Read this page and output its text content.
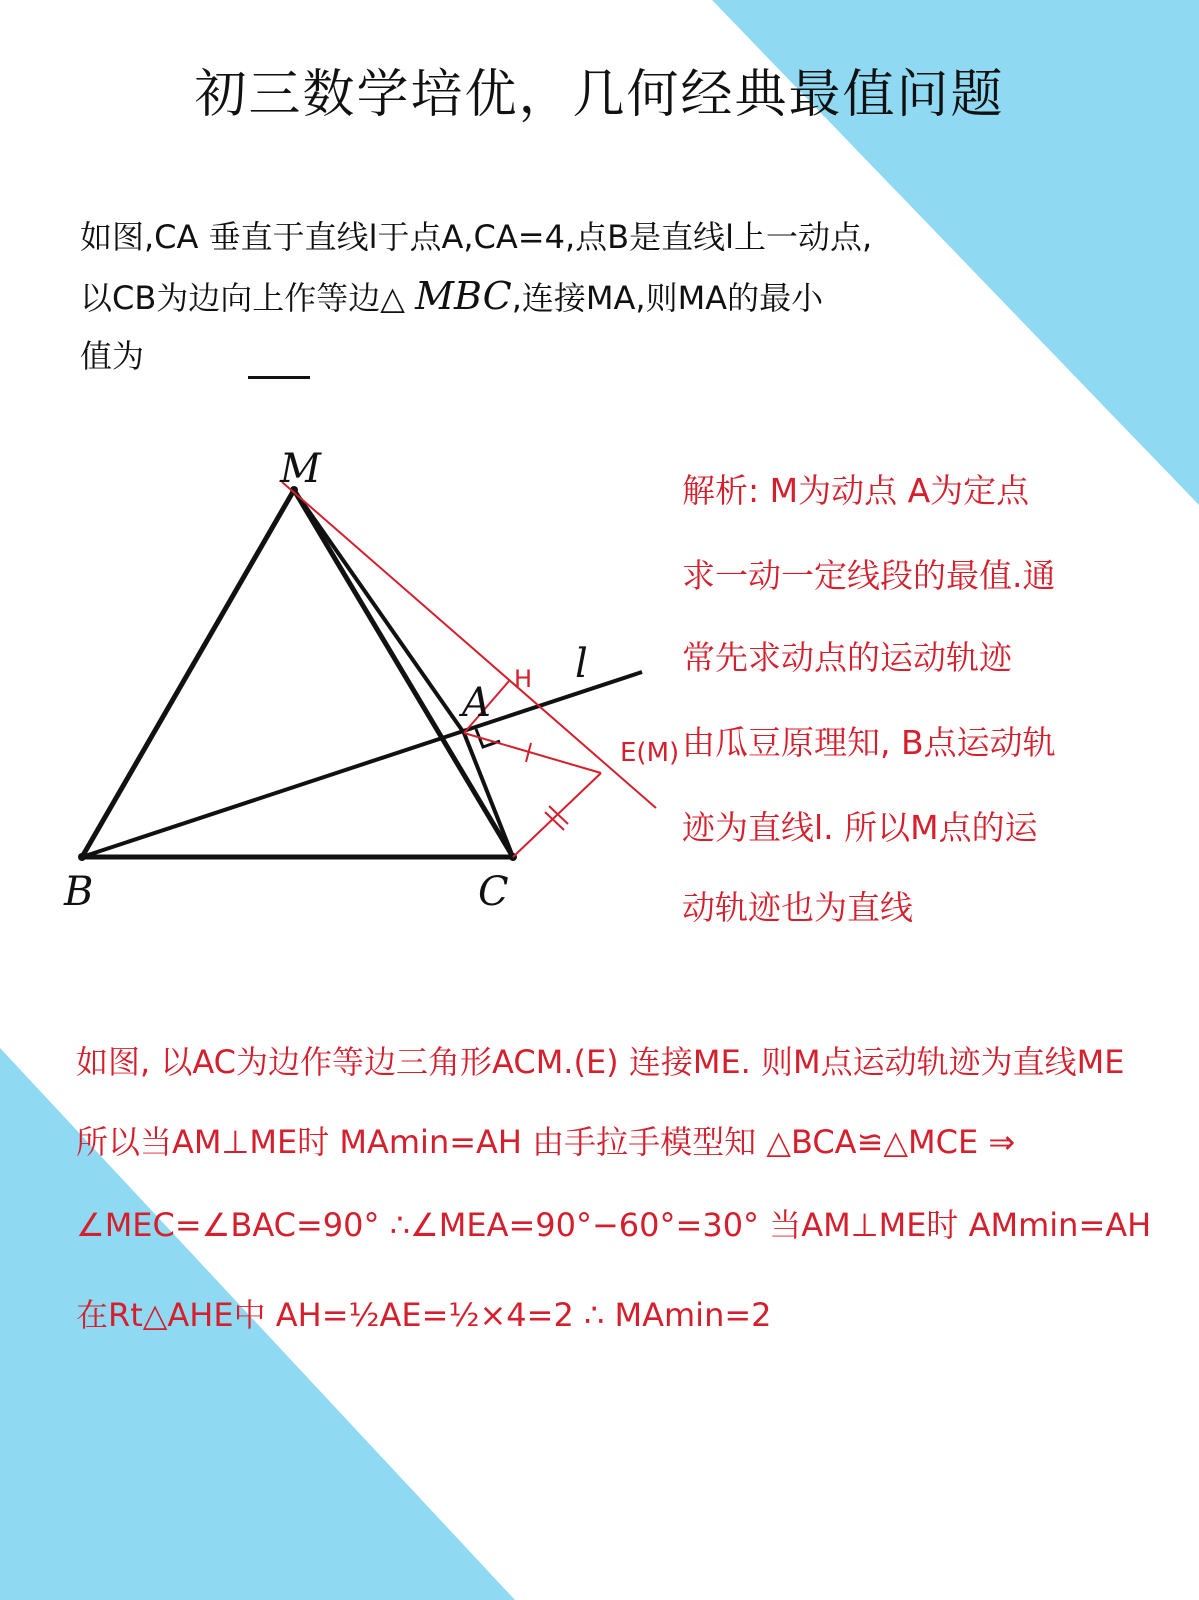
初三数学培优，几何经典最值问题
如图,CA 垂直于直线l于点A,CA=4,点B是直线l上一动点,
以CB为边向上作等边△ MBC,连接MA,则MA的最小
值为
M
B	C
A
l
H
E(M)
解析: M为动点 A为定点
求一动一定线段的最值.通
常先求动点的运动轨迹
由瓜豆原理知, B点运动轨
迹为直线l. 所以M点的运
动轨迹也为直线
如图, 以AC为边作等边三角形ACM.(E) 连接ME. 则M点运动轨迹为直线ME
所以当AM⊥ME时 MAmin=AH 由手拉手模型知 △BCA≌△MCE ⇒
∠MEC=∠BAC=90° ∴∠MEA=90°−60°=30° 当AM⊥ME时 AMmin=AH
在Rt△AHE中 AH=½AE=½×4=2 ∴ MAmin=2
